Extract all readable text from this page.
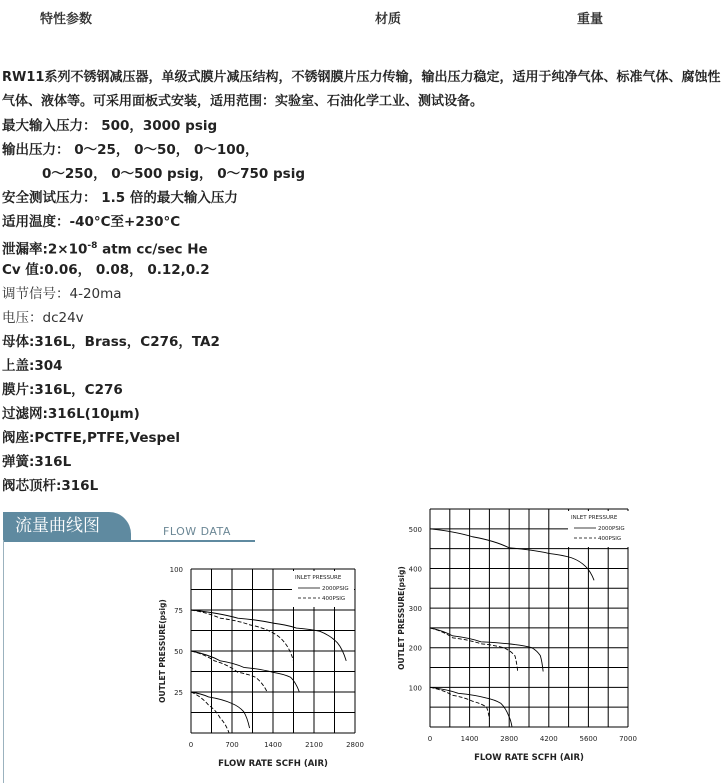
特性参数	材质	重量

RW11系列不锈钢减压器，单级式膜片减压结构，不锈钢膜片压力传输，输出压力稳定，适用于纯净气体、标准气体、腐蚀性气体、液体等。可采用面板式安装，适用范围：实验室、石油化学工业、测试设备。

最大输入压力： 500，3000 psig
输出压力： 0～25， 0～50， 0～100，
0～250， 0～500 psig， 0～750 psig
安全测试压力： 1.5 倍的最大输入压力
适用温度：-40°C至+230°C
泄漏率$:2\times 10^{-8}$ atm cc/sec He
Cv 值:0.06， 0.08， 0.12,0.2
调节信号：4-20ma
电压：dc24v
母体:316L，Brass，C276，TA2
上盖:304
膜片:316L，C276
过滤网:316L(10μm)
阀座:PCTFE,PTFE,Vespel
弹簧:316L
阀芯顶杆:316L
流量曲线图	FLOW DATA
0	700	1400	2100	2800
25
50
75
100
FLOW RATE SCFH (AIR)
OUTLET PRESSURE(psig)
INLET PRESSURE
2000PSIG
400PSIG
0	1400	2800	4200	5600	7000
100
200
300
400
500
FLOW RATE SCFH (AIR)
OUTLET PRESSURE(psig)
INLET PRESSURE
2000PSIG
400PSIG
